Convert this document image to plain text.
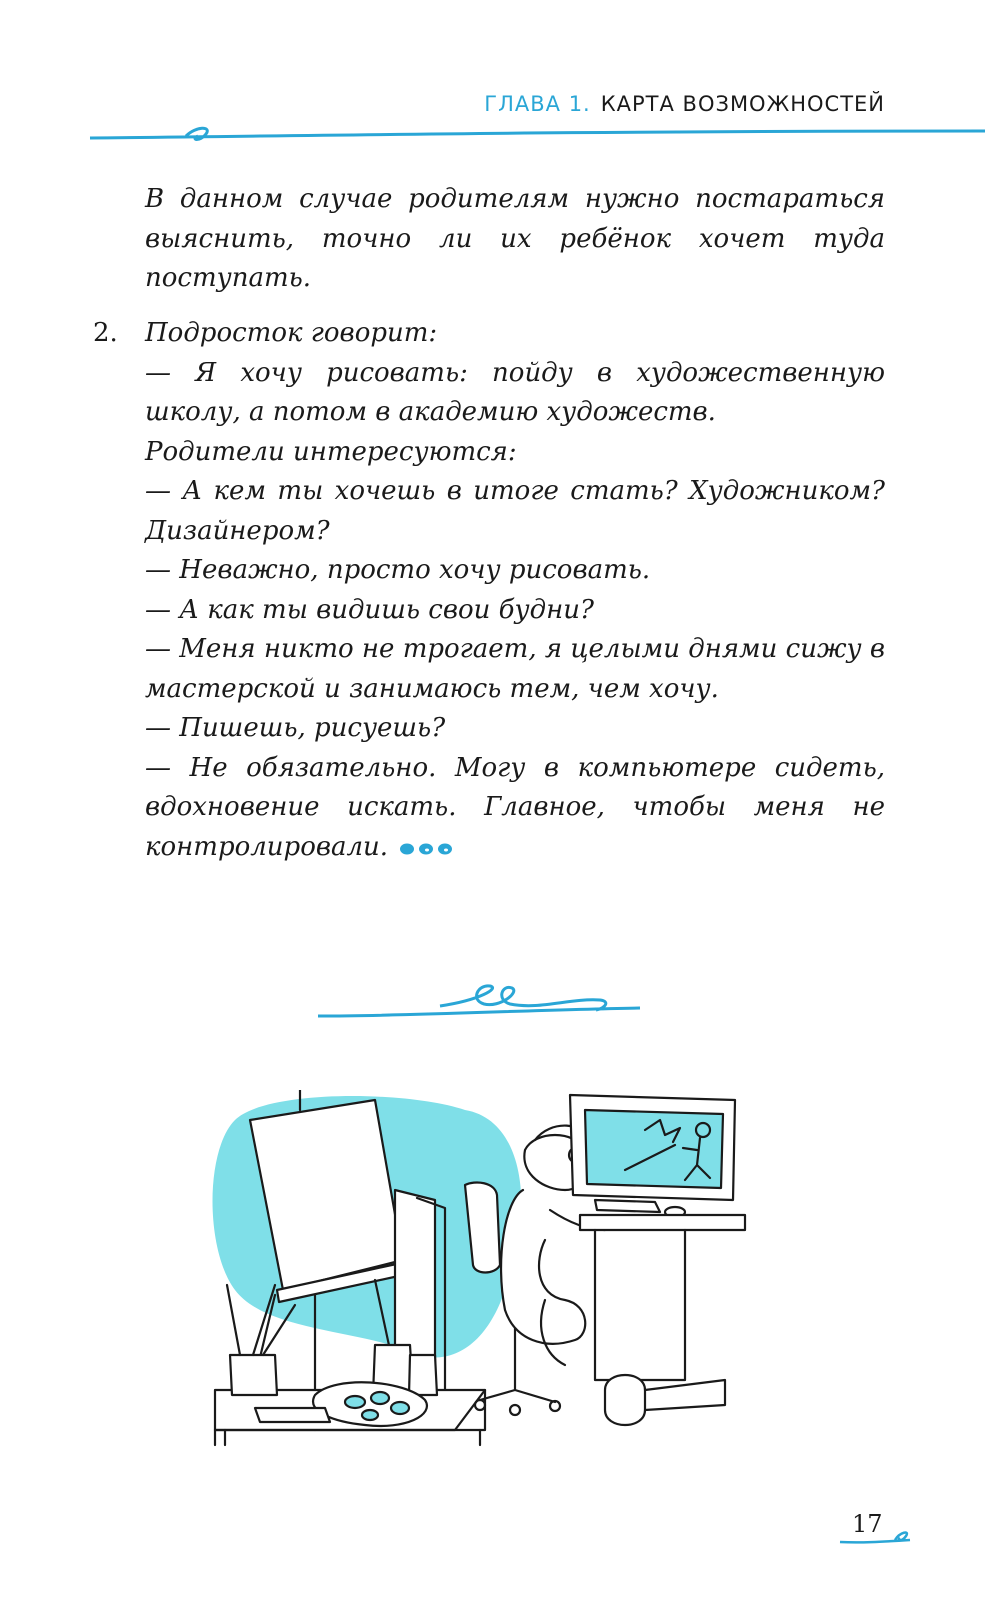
ГЛАВА 1. КАРТА ВОЗМОЖНОСТЕЙ

В данном случае родителям нужно постараться выяснить, точно ли их ребёнок хочет туда поступать.

2. Подросток говорит:

— Я хочу рисовать: пойду в художественную школу, а потом в академию художеств.

Родители интересуются:

— А кем ты хочешь в итоге стать? Художником? Дизайнером?

— Неважно, просто хочу рисовать.

— А как ты видишь свои будни?

— Меня никто не трогает, я целыми днями сижу в мастерской и занимаюсь тем, чем хочу.

— Пишешь, рисуешь?

— Не обязательно. Могу в компьютере сидеть, вдохновение искать. Главное, чтобы меня не контролировали.

17
